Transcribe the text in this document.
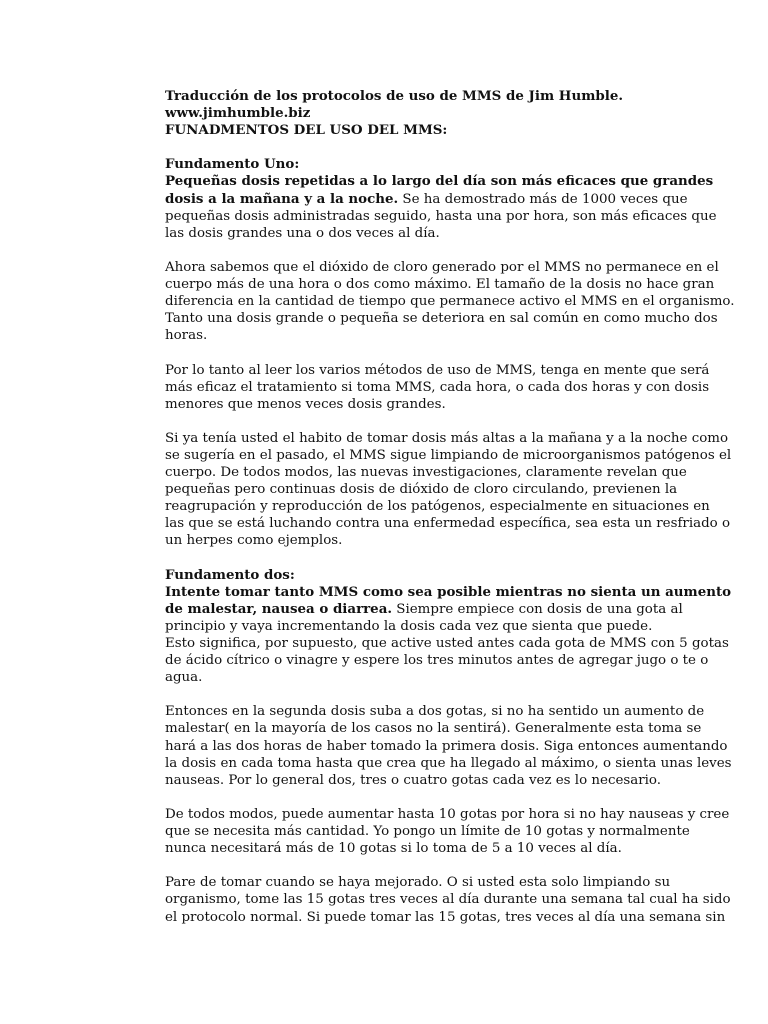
Traducción de los protocolos de uso de MMS de Jim Humble.
www.jimhumble.biz
FUNADMENTOS DEL USO DEL MMS:
Fundamento Uno:
Pequeñas dosis repetidas a lo largo del día son más eficaces que grandes
dosis a la mañana y a la noche. Se ha demostrado más de 1000 veces que
pequeñas dosis administradas seguido, hasta una por hora, son más eficaces que
las dosis grandes una o dos veces al día.
Ahora sabemos que el dióxido de cloro generado por el MMS no permanece en el
cuerpo más de una hora o dos como máximo. El tamaño de la dosis no hace gran
diferencia en la cantidad de tiempo que permanece activo el MMS en el organismo.
Tanto una dosis grande o pequeña se deteriora en sal común en como mucho dos
horas.
Por lo tanto al leer los varios métodos de uso de MMS, tenga en mente que será
más eficaz el tratamiento si toma MMS, cada hora, o cada dos horas y con dosis
menores que menos veces dosis grandes.
Si ya tenía usted el habito de tomar dosis más altas a la mañana y a la noche como
se sugería en el pasado, el MMS sigue limpiando de microorganismos patógenos el
cuerpo. De todos modos, las nuevas investigaciones, claramente revelan que
pequeñas pero continuas dosis de dióxido de cloro circulando, previenen la
reagrupación y reproducción de los patógenos, especialmente en situaciones en
las que se está luchando contra una enfermedad específica, sea esta un resfriado o
un herpes como ejemplos.
Fundamento dos:
Intente tomar tanto MMS como sea posible mientras no sienta un aumento
de malestar, nausea o diarrea. Siempre empiece con dosis de una gota al
principio y vaya incrementando la dosis cada vez que sienta que puede.
Esto significa, por supuesto, que active usted antes cada gota de MMS con 5 gotas
de ácido cítrico o vinagre y espere los tres minutos antes de agregar jugo o te o
agua.
Entonces en la segunda dosis suba a dos gotas, si no ha sentido un aumento de
malestar( en la mayoría de los casos no la sentirá). Generalmente esta toma se
hará a las dos horas de haber tomado la primera dosis. Siga entonces aumentando
la dosis en cada toma hasta que crea que ha llegado al máximo, o sienta unas leves
nauseas. Por lo general dos, tres o cuatro gotas cada vez es lo necesario.
De todos modos, puede aumentar hasta 10 gotas por hora si no hay nauseas y cree
que se necesita más cantidad. Yo pongo un límite de 10 gotas y normalmente
nunca necesitará más de 10 gotas si lo toma de 5 a 10 veces al día.
Pare de tomar cuando se haya mejorado. O si usted esta solo limpiando su
organismo, tome las 15 gotas tres veces al día durante una semana tal cual ha sido
el protocolo normal. Si puede tomar las 15 gotas, tres veces al día una semana sin
